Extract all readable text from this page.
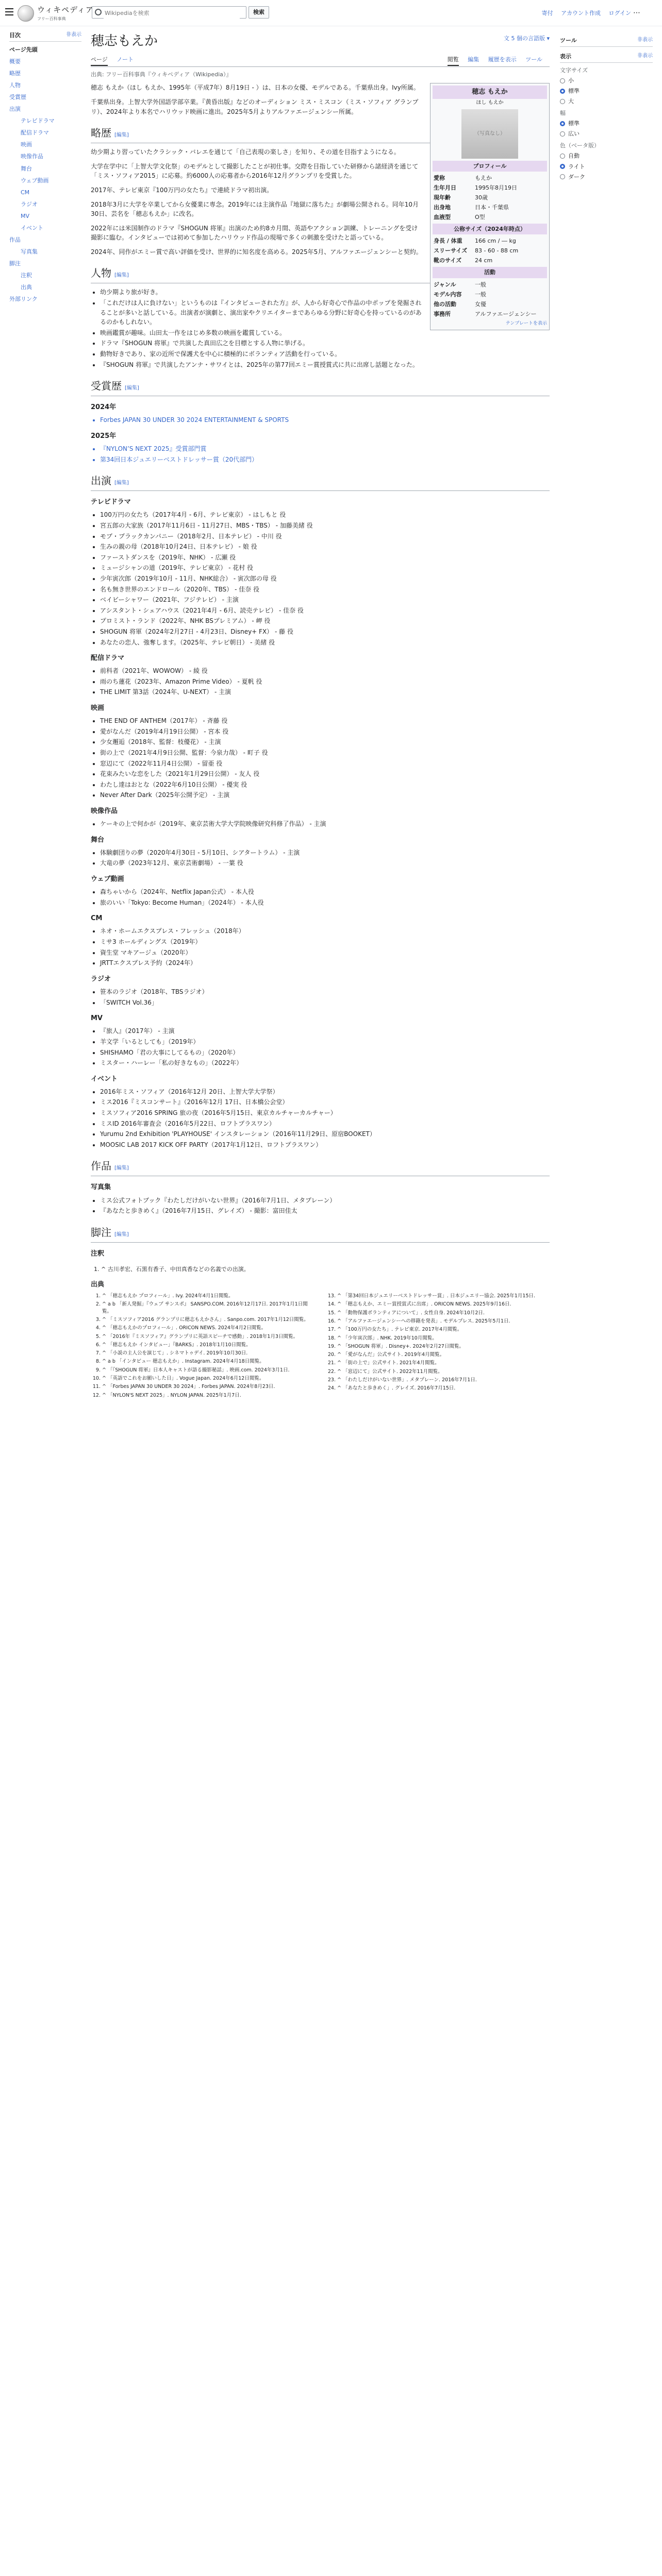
ウィキペディア
フリー百科事典
Wikipediaを検索
検索	寄付 アカウント作成 ログイン ⋯
目次	非表示
ページ先頭
概要
略歴
人物
受賞歴
出演
テレビドラマ
配信ドラマ
映画
映像作品
舞台
ウェブ動画
CM
ラジオ
MV
イベント
作品
写真集
脚注
注釈
出典
外部リンク
穂志もえか	文 5 個の言語版 ▾
ページ ノート	閲覧 編集 履歴を表示 ツール
出典: フリー百科事典『ウィキペディア（Wikipedia）』
穂志 もえか
ほし もえか
（写真なし）
プロフィール
愛称	もえか
生年月日	1995年8月19日
現年齢	30歳
出身地	日本・千葉県
血液型	O型
公称サイズ（2024年時点）
身長 / 体重	166 cm / ― kg
スリーサイズ	83 - 60 - 88 cm
靴のサイズ	24 cm
活動
ジャンル	一般
モデル内容	一般
他の活動	女優
事務所	アルファエージェンシー
テンプレートを表示

穂志 もえか（ほし もえか、1995年（平成7年）8月19日 - ）は、日本の女優、モデルである。千葉県出身。Ivy所属。

千葉県出身。上智大学外国語学部卒業。『黄昏出版』などのオーディション ミス・ミスコン（ミス・ソフィア グランプリ）、2024年より本名でハリウッド映画に進出。2025年5月よりアルファエージェンシー所属。

略歴 [編集]

幼少期より習っていたクラシック・バレエを通じて「自己表現の楽しさ」を知り、その道を目指すようになる。

大学在学中に「上智大学文化祭」のモデルとして撮影したことが初仕事。交際を目指していた研修から諸経済を通じて「ミス・ソフィア2015」に応募。約6000人の応募者から2016年12月グランプリを受賞した。

2017年、テレビ東京『100万円の女たち』で連続ドラマ初出演。

2018年3月に大学を卒業してから女優業に専念。2019年には主演作品『地獄に落ちた』が劇場公開される。同年10月30日、芸名を「穂志もえか」に改名。

2022年には米国制作のドラマ『SHOGUN 将軍』出演のため約8カ月間、英語やアクション訓練、トレーニングを受け撮影に臨む。インタビューでは初めて参加したハリウッド作品の現場で多くの刺激を受けたと語っている。

2024年、同作がエミー賞で高い評価を受け、世界的に知名度を高める。2025年5月、アルファエージェンシーと契約。

人物 [編集]
• 幼少期より旅が好き。
• 「これだけは人に負けない」というものは『インタビューされた方』が、人から好奇心で作品の中ポップを発掘されることが多いと話している。出演者が演劇と、演出家やクリエイターまであらゆる分野に好奇心を持っているのがあるのかもしれない。
• 映画鑑賞が趣味。山田太一作をはじめ多数の映画を鑑賞している。
• ドラマ『SHOGUN 将軍』で共演した真田広之を目標とする人物に挙げる。
• 動物好きであり、家の近所で保護犬を中心に積極的にボランティア活動を行っている。
• 『SHOGUN 将軍』で共演したアンナ・サワイとは、2025年の第77回エミー賞授賞式に共に出席し話題となった。
受賞歴 [編集]
2024年
• Forbes JAPAN 30 UNDER 30 2024 ENTERTAINMENT & SPORTS
2025年
• 『NYLON’S NEXT 2025』受賞部門賞
• 第34回日本ジュエリーベストドレッサー賞（20代部門）
出演 [編集]
テレビドラマ
• 100万円の女たち（2017年4月 - 6月、テレビ東京） - はしもと 役
• 宮五郎の大家族（2017年11月6日 - 11月27日、MBS・TBS） - 加藤美緒 役
• モブ・プラックカンパニー（2018年2月、日本テレビ） - 中川 役
• 生みの親の母（2018年10月24日、日本テレビ） - 娘 役
• ファーストダンスを（2019年、NHK） - 広瀬 役
• ミュージシャンの道（2019年、テレビ東京） - 花村 役
• 少年寅次郎（2019年10月 - 11月、NHK総合） - 寅次郎の母 役
• 名も無き世界のエンドロール（2020年、TBS） - 佳奈 役
• ベイビーシャワー（2021年、フジテレビ） - 主演
• アシスタント・シェアハウス（2021年4月 - 6月、読売テレビ） - 佳奈 役
• プロミスト・ランド（2022年、NHK BSプレミアム） - 岬 役
• SHOGUN 将軍（2024年2月27日 - 4月23日、Disney+ FX） - 藤 役
• あなたの恋人、強奪します。（2025年、テレビ朝日） - 美緒 役
配信ドラマ
• 前科者（2021年、WOWOW） - 綾 役
• 雨のち蓮花（2023年、Amazon Prime Video） - 夏帆 役
• THE LIMIT 第3話（2024年、U-NEXT） - 主演
映画
• THE END OF ANTHEM（2017年） - 斉藤 役
• 愛がなんだ（2019年4月19日公開） - 宮本 役
• 少女邂逅（2018年、監督：枝優花） - 主演
• 街の上で（2021年4月9日公開、監督：今泉力哉） - 町子 役
• 窓辺にて（2022年11月4日公開） - 留亜 役
• 花束みたいな恋をした（2021年1月29日公開） - 友人 役
• わたし達はおとな（2022年6月10日公開） - 優実 役
• Never After Dark（2025年公開予定） - 主演
映像作品
• ケーキの上で何かが（2019年、東京芸術大学大学院映像研究科修了作品） - 主演
舞台
• 体験劇団りの夢（2020年4月30日 - 5月10日、シアタートラム） - 主演
• 大竜の夢（2023年12月、東京芸術劇場） - 一葉 役
ウェブ動画
• 森ちゃいから（2024年、Netflix Japan公式） - 本人役
• 旅のいい「Tokyo: Become Human」（2024年） - 本人役
CM
• ネオ・ホームエクスプレス・フレッシュ（2018年）
• ミサ3 ホールディングス（2019年）
• 資生堂 マキアージュ（2020年）
• JRTTエクスプレス予約（2024年）
ラジオ
• 笹本のラジオ（2018年、TBSラジオ）
• 「SWITCH Vol.36」
MV
• 『旅人』（2017年） - 主演
• 羊文学「いるとしても」（2019年）
• SHISHAMO「君の大事にしてるもの」（2020年）
• ミスター・ハーレー「私の好きなもの」（2022年）
イベント
• 2016年ミス・ソフィア（2016年12月 20日、上智大学大学祭）
• ミス2016『ミスコンサート』（2016年12月 17日、日本橋公会堂）
• ミスソフィア2016 SPRING 旅の夜（2016年5月15日、東京カルチャーカルチャー）
• ミスID 2016年審査会（2016年5月22日、ロフトプラスワン）
• Yurumu 2nd Exhibition 'PLAYHOUSE' インスタレーション（2016年11月29日、原宿BOOKET）
• MOOSIC LAB 2017 KICK OFF PARTY（2017年1月12日、ロフトプラスワン）
作品 [編集]
写真集
• ミス公式フォトブック『わたしだけがいない世界』（2016年7月1日、メタプレーン）
• 『あなたと歩きめく』（2016年7月15日、グレイズ） - 撮影：富田佳太
脚注 [編集]
注釈
1. ^ 古川孝宏、石黒有香子、中田真香などの名義での出演。
出典
1. ^ 「穂志もえか プロフィール」. Ivy. 2024年4月1日閲覧。
2. ^ a b 「新人発掘」『ウェブ サンスポ』 SANSPO.COM. 2016年12月17日. 2017年1月1日閲覧。
3. ^ 「ミスソフィア2016 グランプリに穂志もえかさん」. Sanpo.com. 2017年1月12日閲覧。
4. ^ 「穂志もえかのプロフィール」. ORICON NEWS. 2024年4月2日閲覧。
5. ^ 「2016年『ミスソフィア』グランプリに英語スピーチで感動」. 2018年1月3日閲覧。
6. ^ 「穂志もえか インタビュー」『BARKS』. 2018年1月10日閲覧。
7. ^ 「小説の主人公を演じて」. シネマトゥデイ. 2019年10月30日.
8. ^ a b 「インタビュー 穂志もえか」. Instagram. 2024年4月18日閲覧。
9. ^ 「『SHOGUN 将軍』日本人キャストが語る撮影秘話」. 映画.com. 2024年3月1日.
10. ^ 「英語でこれをお願いした日」. Vogue Japan. 2024年6月12日閲覧。
11. ^ 「Forbes JAPAN 30 UNDER 30 2024」. Forbes JAPAN. 2024年8月23日.
12. ^ 「NYLON'S NEXT 2025」. NYLON JAPAN. 2025年1月7日.
13. ^ 「第34回日本ジュエリーベストドレッサー賞」. 日本ジュエリー協会. 2025年1月15日.
14. ^ 「穂志もえか、エミー賞授賞式に出席」. ORICON NEWS. 2025年9月16日.
15. ^ 「動物保護ボランティアについて」. 女性自身. 2024年10月2日.
16. ^ 「アルファエージェンシーへの移籍を発表」. モデルプレス. 2025年5月1日.
17. ^ 「100万円の女たち」. テレビ東京. 2017年4月閲覧。
18. ^ 「少年寅次郎」. NHK. 2019年10月閲覧。
19. ^ 「SHOGUN 将軍」. Disney+. 2024年2月27日閲覧。
20. ^ 「愛がなんだ」公式サイト. 2019年4月閲覧。
21. ^ 「街の上で」公式サイト. 2021年4月閲覧。
22. ^ 「窓辺にて」公式サイト. 2022年11月閲覧。
23. ^ 「わたしだけがいない世界」. メタプレーン. 2016年7月1日.
24. ^ 「あなたと歩きめく」. グレイズ. 2016年7月15日.
ツール	非表示
表示	非表示
文字サイズ
小
標準
大
幅
標準
広い
色（ベータ版）
自動
ライト
ダーク
